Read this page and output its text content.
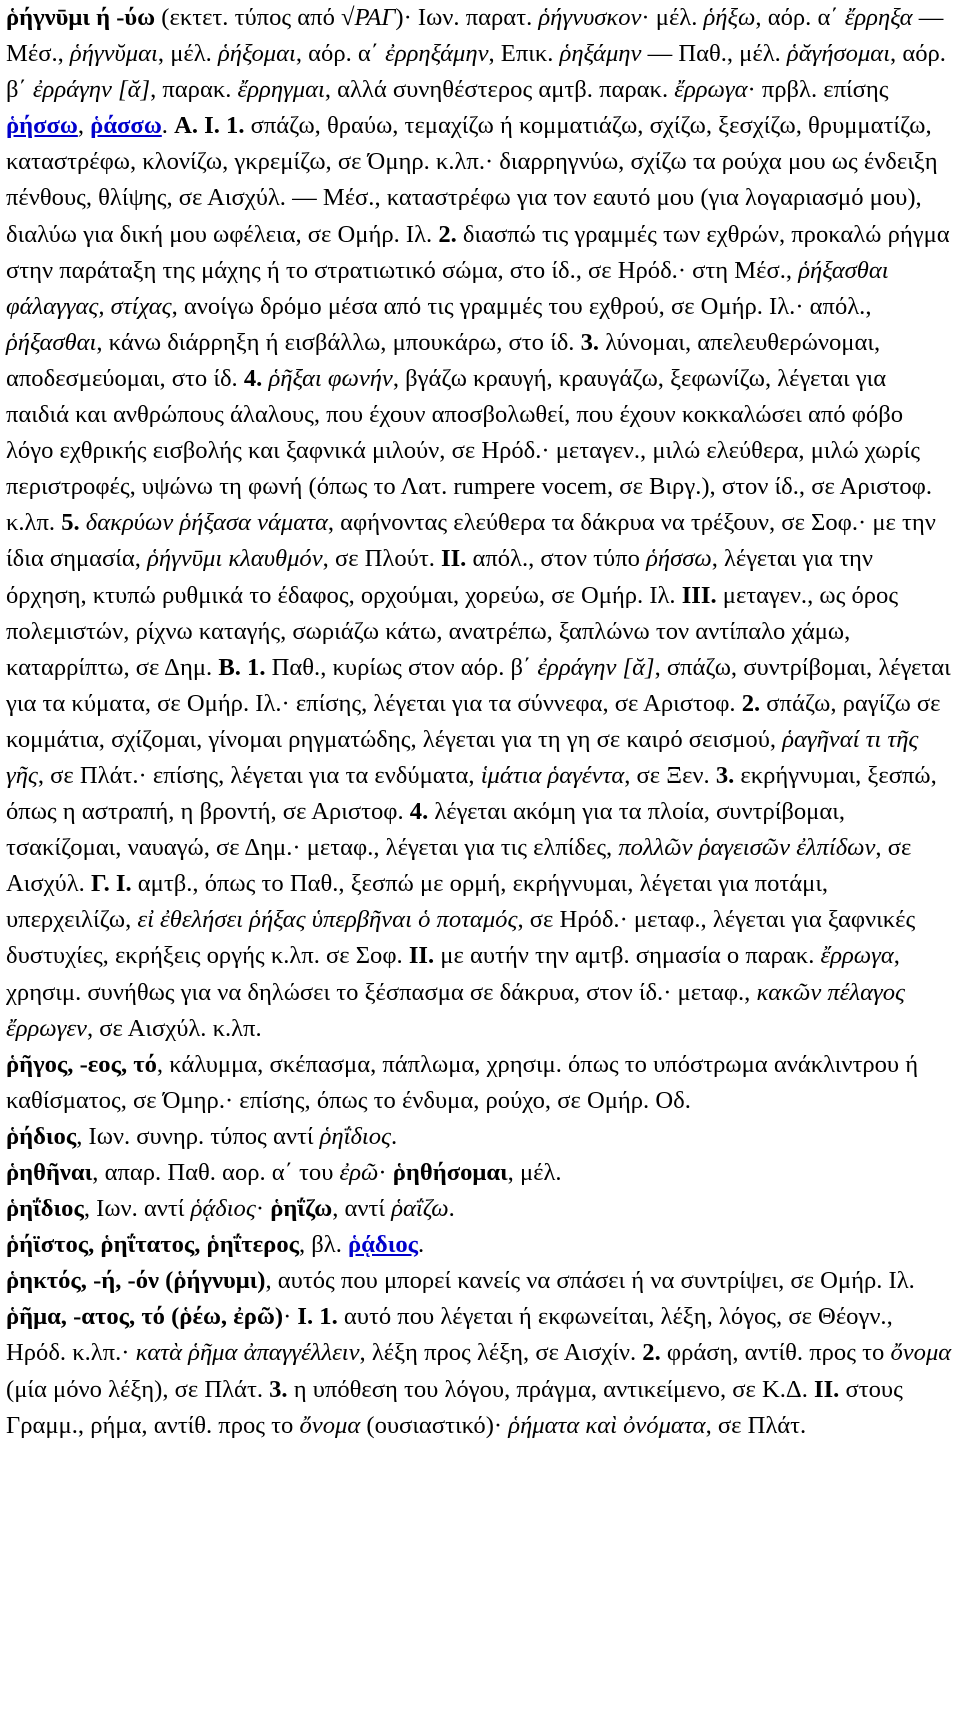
ῥήγνῡμι ή -ύω (εκτετ. τύπος από √ΡΑΓ)· Ιων. παρατ. ῥήγνυσκον· μέλ. ῥήξω, αόρ. α΄ ἔρρηξα — Μέσ., ῥήγνῠμαι, μέλ. ῥήξομαι, αόρ. α΄ ἐρρηξάμην, Επικ. ῥηξάμην — Παθ., μέλ. ῥᾰγήσομαι, αόρ. β΄ ἐρράγην [ᾰ], παρακ. ἔρρηγμαι, αλλά συνηθέστερος αμτβ. παρακ. ἔρρωγα· πρβλ. επίσης ῥήσσω, ῥάσσω. A. I. 1. σπάζω, θραύω, τεμαχίζω ή κομματιάζω, σχίζω, ξεσχίζω, θρυμματίζω, καταστρέφω, κλονίζω, γκρεμίζω, σε Όμηρ. κ.λπ.· διαρρηγνύω, σχίζω τα ρούχα μου ως ένδειξη πένθους, θλίψης, σε Αισχύλ. — Μέσ., καταστρέφω για τον εαυτό μου (για λογαριασμό μου), διαλύω για δική μου ωφέλεια, σε Ομήρ. Ιλ. 2. διασπώ τις γραμμές των εχθρών, προκαλώ ρήγμα στην παράταξη της μάχης ή το στρατιωτικό σώμα, στο ίδ., σε Ηρόδ.· στη Μέσ., ῥήξασθαι φάλαγγας, στίχας, ανοίγω δρόμο μέσα από τις γραμμές του εχθρού, σε Ομήρ. Ιλ.· απόλ., ῥήξασθαι, κάνω διάρρηξη ή εισβάλλω, μπουκάρω, στο ίδ. 3. λύνομαι, απελευθερώνομαι, αποδεσμεύομαι, στο ίδ. 4. ῥῆξαι φωνήν, βγάζω κραυγή, κραυγάζω, ξεφωνίζω, λέγεται για παιδιά και ανθρώπους άλαλους, που έχουν αποσβολωθεί, που έχουν κοκκαλώσει από φόβο λόγο εχθρικής εισβολής και ξαφνικά μιλούν, σε Ηρόδ.· μεταγεν., μιλώ ελεύθερα, μιλώ χωρίς περιστροφές, υψώνω τη φωνή (όπως το Λατ. rumpere vocem, σε Βιργ.), στον ίδ., σε Αριστοφ. κ.λπ. 5. δακρύων ῥήξασα νάματα, αφήνοντας ελεύθερα τα δάκρυα να τρέξουν, σε Σοφ.· με την ίδια σημασία, ῥήγνῡμι κλαυθμόν, σε Πλούτ. II. απόλ., στον τύπο ῥήσσω, λέγεται για την όρχηση, κτυπώ ρυθμικά το έδαφος, ορχούμαι, χορεύω, σε Ομήρ. Ιλ. III. μεταγεν., ως όρος πολεμιστών, ρίχνω καταγής, σωριάζω κάτω, ανατρέπω, ξαπλώνω τον αντίπαλο χάμω, καταρρίπτω, σε Δημ. B. 1. Παθ., κυρίως στον αόρ. β΄ ἐρράγην [ᾰ], σπάζω, συντρίβομαι, λέγεται για τα κύματα, σε Ομήρ. Ιλ.· επίσης, λέγεται για τα σύννεφα, σε Αριστοφ. 2. σπάζω, ραγίζω σε κομμάτια, σχίζομαι, γίνομαι ρηγματώδης, λέγεται για τη γη σε καιρό σεισμού, ῥαγῆναί τι τῆς γῆς, σε Πλάτ.· επίσης, λέγεται για τα ενδύματα, ἱμάτια ῥαγέντα, σε Ξεν. 3. εκρήγνυμαι, ξεσπώ, όπως η αστραπή, η βροντή, σε Αριστοφ. 4. λέγεται ακόμη για τα πλοία, συντρίβομαι, τσακίζομαι, ναυαγώ, σε Δημ.· μεταφ., λέγεται για τις ελπίδες, πολλῶν ῥαγεισῶν ἐλπίδων, σε Αισχύλ. Γ. I. αμτβ., όπως το Παθ., ξεσπώ με ορμή, εκρήγνυμαι, λέγεται για ποτάμι, υπερχειλίζω, εἰ ἐθελήσει ῥήξας ὑπερβῆναι ὁ ποταμός, σε Ηρόδ.· μεταφ., λέγεται για ξαφνικές δυστυχίες, εκρήξεις οργής κ.λπ. σε Σοφ. II. με αυτήν την αμτβ. σημασία ο παρακ. ἔρρωγα, χρησιμ. συνήθως για να δηλώσει το ξέσπασμα σε δάκρυα, στον ίδ.· μεταφ., κακῶν πέλαγος ἔρρωγεν, σε Αισχύλ. κ.λπ.

ῥῆγος, -εος, τό, κάλυμμα, σκέπασμα, πάπλωμα, χρησιμ. όπως το υπόστρωμα ανάκλιντρου ή καθίσματος, σε Όμηρ.· επίσης, όπως το ένδυμα, ρούχο, σε Ομήρ. Οδ.

ῥήδιος, Ιων. συνηρ. τύπος αντί ῥηΐδιος.

ῥηθῆναι, απαρ. Παθ. αορ. α΄ του ἐρῶ· ῥηθήσομαι, μέλ.

ῥηΐδιος, Ιων. αντί ῥᾴδιος· ῥηΐζω, αντί ῥαΐζω.

ῥήϊστος, ῥηΐτατος, ῥηΐτερος, βλ. ῥᾴδιος.

ῥηκτός, -ή, -όν (ῥήγνυμι), αυτός που μπορεί κανείς να σπάσει ή να συντρίψει, σε Ομήρ. Ιλ.

ῥῆμα, -ατος, τό (ῥέω, ἐρῶ)· I. 1. αυτό που λέγεται ή εκφωνείται, λέξη, λόγος, σε Θέογν., Ηρόδ. κ.λπ.· κατὰ ῥῆμα ἀπαγγέλλειν, λέξη προς λέξη, σε Αισχίν. 2. φράση, αντίθ. προς το ὄνομα (μία μόνο λέξη), σε Πλάτ. 3. η υπόθεση του λόγου, πράγμα, αντικείμενο, σε Κ.Δ. II. στους Γραμμ., ρήμα, αντίθ. προς το ὄνομα (ουσιαστικό)· ῥήματα καὶ ὀνόματα, σε Πλάτ.
